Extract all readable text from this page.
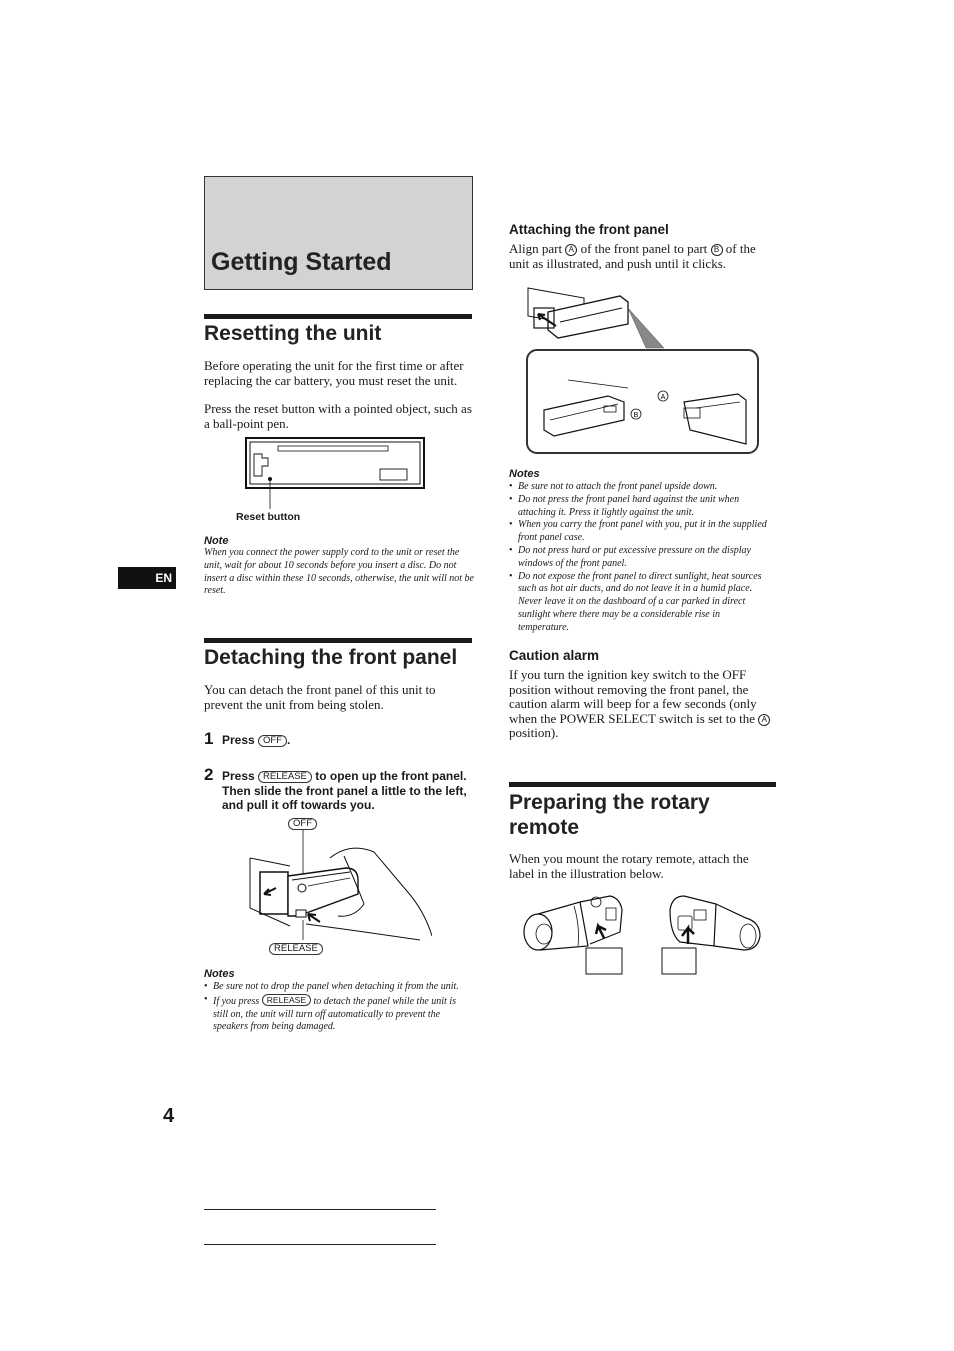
Getting Started
EN
Resetting the unit
Before operating the unit for the first time or after replacing the car battery, you must reset the unit.
Press the reset button with a pointed object, such as a ball-point pen.
Reset button
Note
When you connect the power supply cord to the unit or reset the unit, wait for about 10 seconds before you insert a disc. Do not insert a disc within these 10 seconds, otherwise, the unit will not be reset.
Detaching the front panel
You can detach the front panel of this unit to prevent the unit from being stolen.
1 Press OFF .
2 Press RELEASE to open up the front panel. Then slide the front panel a little to the left, and pull it off towards you.
OFF
RELEASE
Notes
• Be sure not to drop the panel when detaching it from the unit.
• If you press RELEASE to detach the panel while the unit is still on, the unit will turn off automatically to prevent the speakers from being damaged.
4
Attaching the front panel
Align part A of the front panel to part B of the unit as illustrated, and push until it clicks.
A
B
Notes
• Be sure not to attach the front panel upside down.
• Do not press the front panel hard against the unit when attaching it. Press it lightly against the unit.
• When you carry the front panel with you, put it in the supplied front panel case.
• Do not press hard or put excessive pressure on the display windows of the front panel.
• Do not expose the front panel to direct sunlight, heat sources such as hot air ducts, and do not leave it in a humid place. Never leave it on the dashboard of a car parked in direct sunlight where there may be a considerable rise in temperature.
Caution alarm
If you turn the ignition key switch to the OFF position without removing the front panel, the caution alarm will beep for a few seconds (only when the POWER SELECT switch is set to the A position).
Preparing the rotary
remote
When you mount the rotary remote, attach the label in the illustration below.
